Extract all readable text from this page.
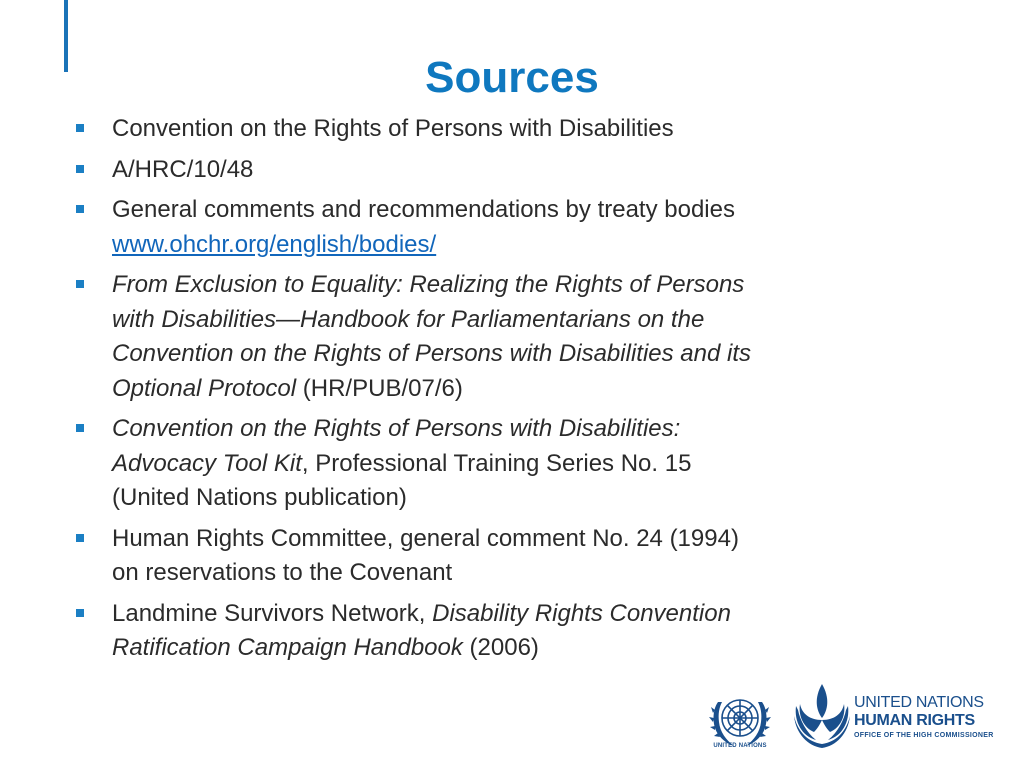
Sources
Convention on the Rights of Persons with Disabilities
A/HRC/10/48
General comments and recommendations by treaty bodies
www.ohchr.org/english/bodies/
From Exclusion to Equality: Realizing the Rights of Persons
with Disabilities—Handbook for Parliamentarians on the
Convention on the Rights of Persons with Disabilities and its
Optional Protocol (HR/PUB/07/6)
Convention on the Rights of Persons with Disabilities:
Advocacy Tool Kit, Professional Training Series No. 15
(United Nations publication)
Human Rights Committee, general comment No. 24 (1994)
on reservations to the Covenant
Landmine Survivors Network, Disability Rights Convention
Ratification Campaign Handbook (2006)
UNITED NATIONS
UNITED NATIONS
HUMAN RIGHTS
OFFICE OF THE HIGH COMMISSIONER
